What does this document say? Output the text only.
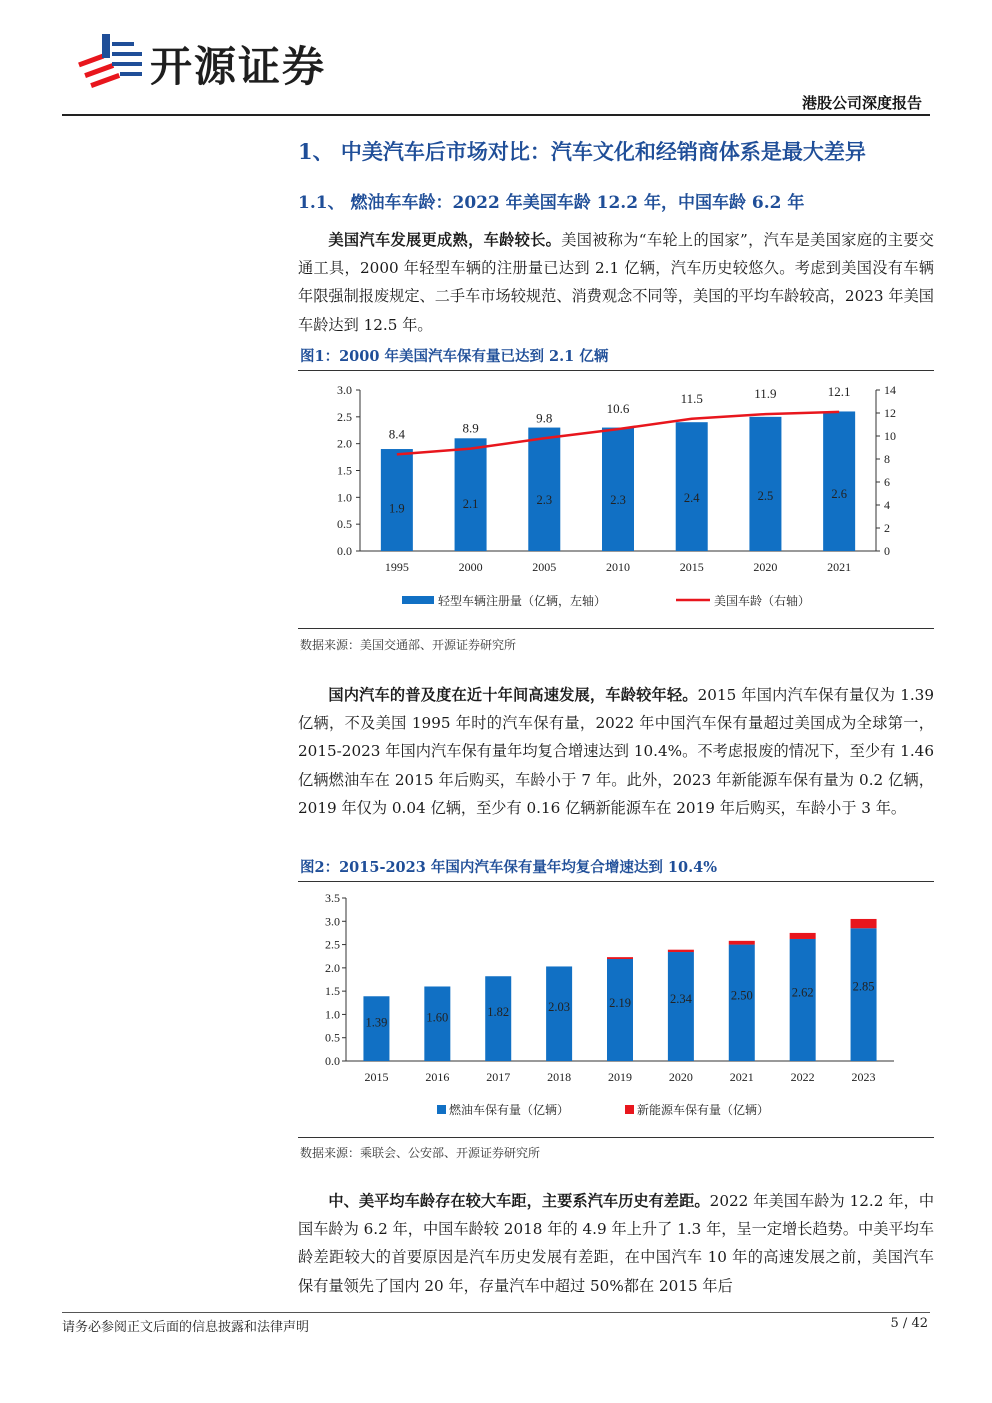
开源证券
港股公司深度报告
1、 中美汽车后市场对比：汽车文化和经销商体系是最大差异
1.1、 燃油车车龄：2022 年美国车龄 12.2 年，中国车龄 6.2 年
美国汽车发展更成熟，车龄较长。美国被称为“车轮上的国家”，汽车是美国家庭的主要交通工具，2000 年轻型车辆的注册量已达到 2.1 亿辆，汽车历史较悠久。考虑到美国没有车辆年限强制报废规定、二手车市场较规范、消费观念不同等，美国的平均车龄较高，2023 年美国车龄达到 12.5 年。
图1：2000 年美国汽车保有量已达到 2.1 亿辆
0.0
0.5
1.0
1.5
2.0
2.5
3.0
0
2
4
6
8
10
12
14
1.9
1995
8.4
2.1
2000
8.9
2.3
2005
9.8
2.3
2010
10.6
2.4
2015
11.5
2.5
2020
11.9
2.6
2021
12.1
轻型车辆注册量（亿辆，左轴）	美国车龄（右轴）
数据来源：美国交通部、开源证券研究所
国内汽车的普及度在近十年间高速发展，车龄较年轻。2015 年国内汽车保有量仅为 1.39 亿辆，不及美国 1995 年时的汽车保有量，2022 年中国汽车保有量超过美国成为全球第一，2015-2023 年国内汽车保有量年均复合增速达到 10.4%。不考虑报废的情况下，至少有 1.46 亿辆燃油车在 2015 年后购买，车龄小于 7 年。此外，2023 年新能源车保有量为 0.2 亿辆，2019 年仅为 0.04 亿辆，至少有 0.16 亿辆新能源车在 2019 年后购买，车龄小于 3 年。
图2：2015-2023 年国内汽车保有量年均复合增速达到 10.4%
0.0
0.5
1.0
1.5
2.0
2.5
3.0
3.5
1.39
2015
1.60
2016
1.82
2017
2.03
2018
2.19
2019
2.34
2020
2.50
2021
2.62
2022
2.85
2023
燃油车保有量（亿辆）	新能源车保有量（亿辆）
数据来源：乘联会、公安部、开源证券研究所
中、美平均车龄存在较大车距，主要系汽车历史有差距。2022 年美国车龄为 12.2 年，中国车龄为 6.2 年，中国车龄较 2018 年的 4.9 年上升了 1.3 年，呈一定增长趋势。中美平均车龄差距较大的首要原因是汽车历史发展有差距，在中国汽车 10 年的高速发展之前，美国汽车保有量领先了国内 20 年，存量汽车中超过 50%都在 2015 年后
请务必参阅正文后面的信息披露和法律声明	5 / 42
